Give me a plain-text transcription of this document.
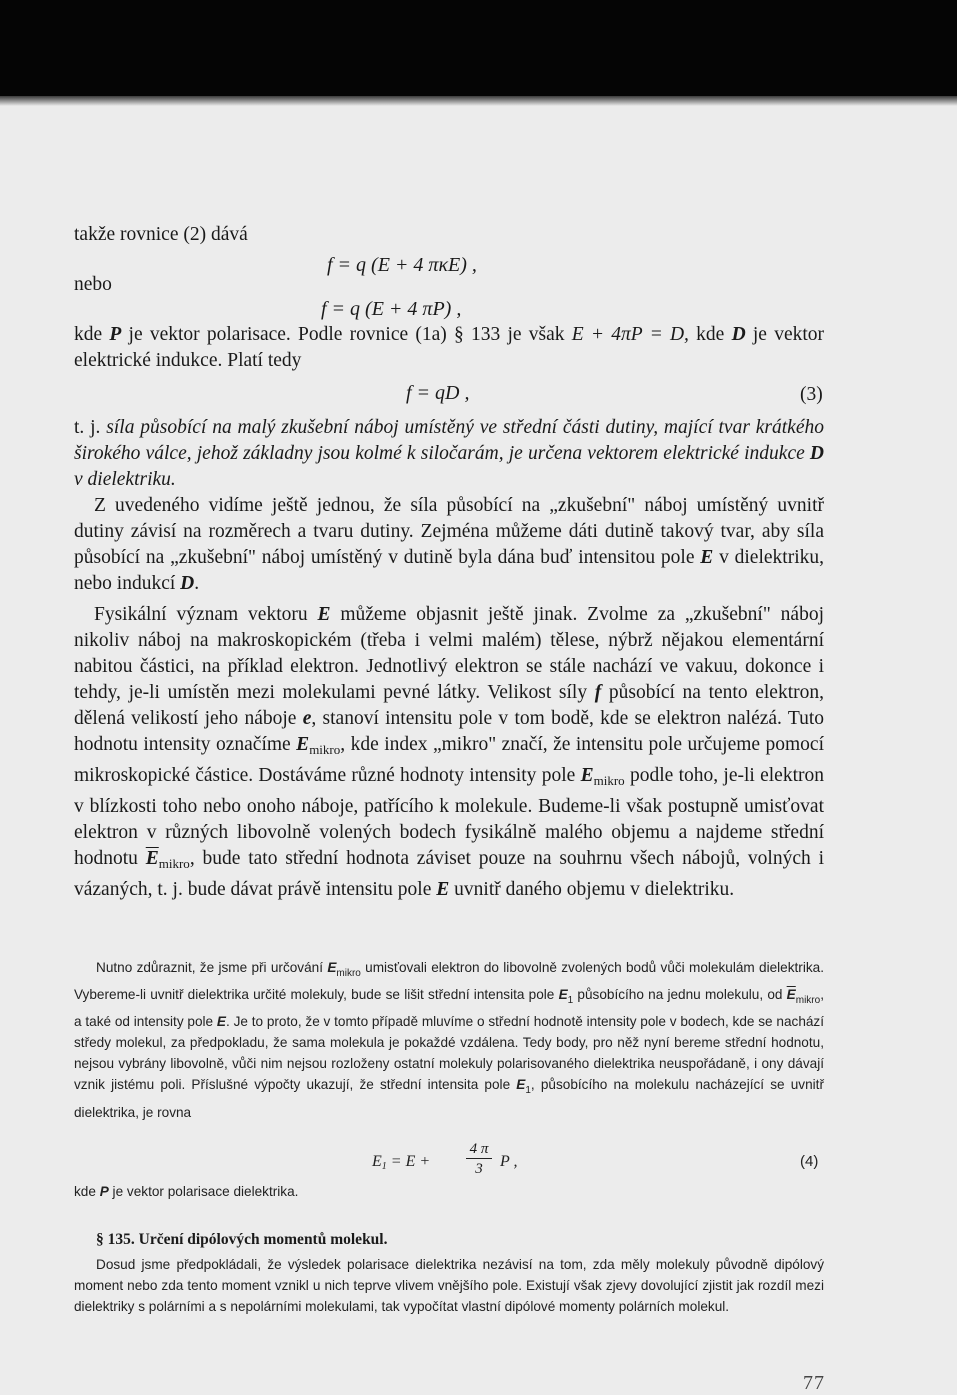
takže rovnice (2) dává
f = q (E + 4 πκE) ,
nebo
f = q (E + 4 πP) ,

kde P je vektor polarisace. Podle rovnice (1a) § 133 je však E + 4πP = D, kde D je vektor elektrické indukce. Platí tedy

f = qD ,	(3)

t. j. síla působící na malý zkušební náboj umístěný ve střední části dutiny, mající tvar krátkého širokého válce, jehož základny jsou kolmé k siločarám, je určena vektorem elektrické indukce D v dielektriku.

Z uvedeného vidíme ještě jednou, že síla působící na „zkušební" náboj umístěný uvnitř dutiny závisí na rozměrech a tvaru dutiny. Zejména můžeme dáti dutině takový tvar, aby síla působící na „zkušební" náboj umístěný v dutině byla dána buď intensitou pole E v dielektriku, nebo indukcí D.

Fysikální význam vektoru E můžeme objasnit ještě jinak. Zvolme za „zkušební" náboj nikoliv náboj na makroskopickém (třeba i velmi malém) tělese, nýbrž nějakou elementární nabitou částici, na příklad elektron. Jednotlivý elektron se stále nachází ve vakuu, dokonce i tehdy, je-li umístěn mezi molekulami pevné látky. Velikost síly f působící na tento elektron, dělená velikostí jeho náboje e, stanoví intensitu pole v tom bodě, kde se elektron nalézá. Tuto hodnotu intensity označíme $E_{mikro}$, kde index „mikro" značí, že intensitu pole určujeme pomocí mikroskopické částice. Dostáváme různé hodnoty intensity pole $E_{mikro}$ podle toho, je-li elektron v blízkosti toho nebo onoho náboje, patřícího k molekule. Budeme-li však postupně umisťovat elektron v různých libovolně volených bodech fysikálně malého objemu a najdeme střední hodnotu $\overline{E}_{mikro}$, bude tato střední hodnota záviset pouze na souhrnu všech nábojů, volných i vázaných, t. j. bude dávat právě intensitu pole E uvnitř daného objemu v dielektriku.

Nutno zdůraznit, že jsme při určování $E_{mikro}$ umisťovali elektron do libovolně zvolených bodů vůči molekulám dielektrika. Vybereme-li uvnitř dielektrika určité molekuly, bude se lišit střední intensita pole $E_1$ působícího na jednu molekulu, od $\overline{E}_{mikro}$, a také od intensity pole E. Je to proto, že v tomto případě mluvíme o střední hodnotě intensity pole v bodech, kde se nachází středy molekul, za předpokladu, že sama molekula je pokaždé vzdálena. Tedy body, pro něž nyní bereme střední hodnotu, nejsou vybrány libovolně, vůči nim nejsou rozloženy ostatní molekuly polarisovaného dielektrika neuspořádaně, i ony dávají vznik jistému poli. Příslušné výpočty ukazují, že střední intensita pole $E_1$, působícího na molekulu nacházející se uvnitř dielektrika, je rovna

E1 = E +
4 π
3	P ,	(4)
kde P je vektor polarisace dielektrika.
§ 135. Určení dipólových momentů molekul.

Dosud jsme předpokládali, že výsledek polarisace dielektrika nezávisí na tom, zda měly molekuly původně dipólový moment nebo zda tento moment vznikl u nich teprve vlivem vnějšího pole. Existují však zjevy dovolující zjistit jak rozdíl mezi dielektriky s polárními a s nepolárními molekulami, tak vypočítat vlastní dipólové momenty polárních molekul.

77
